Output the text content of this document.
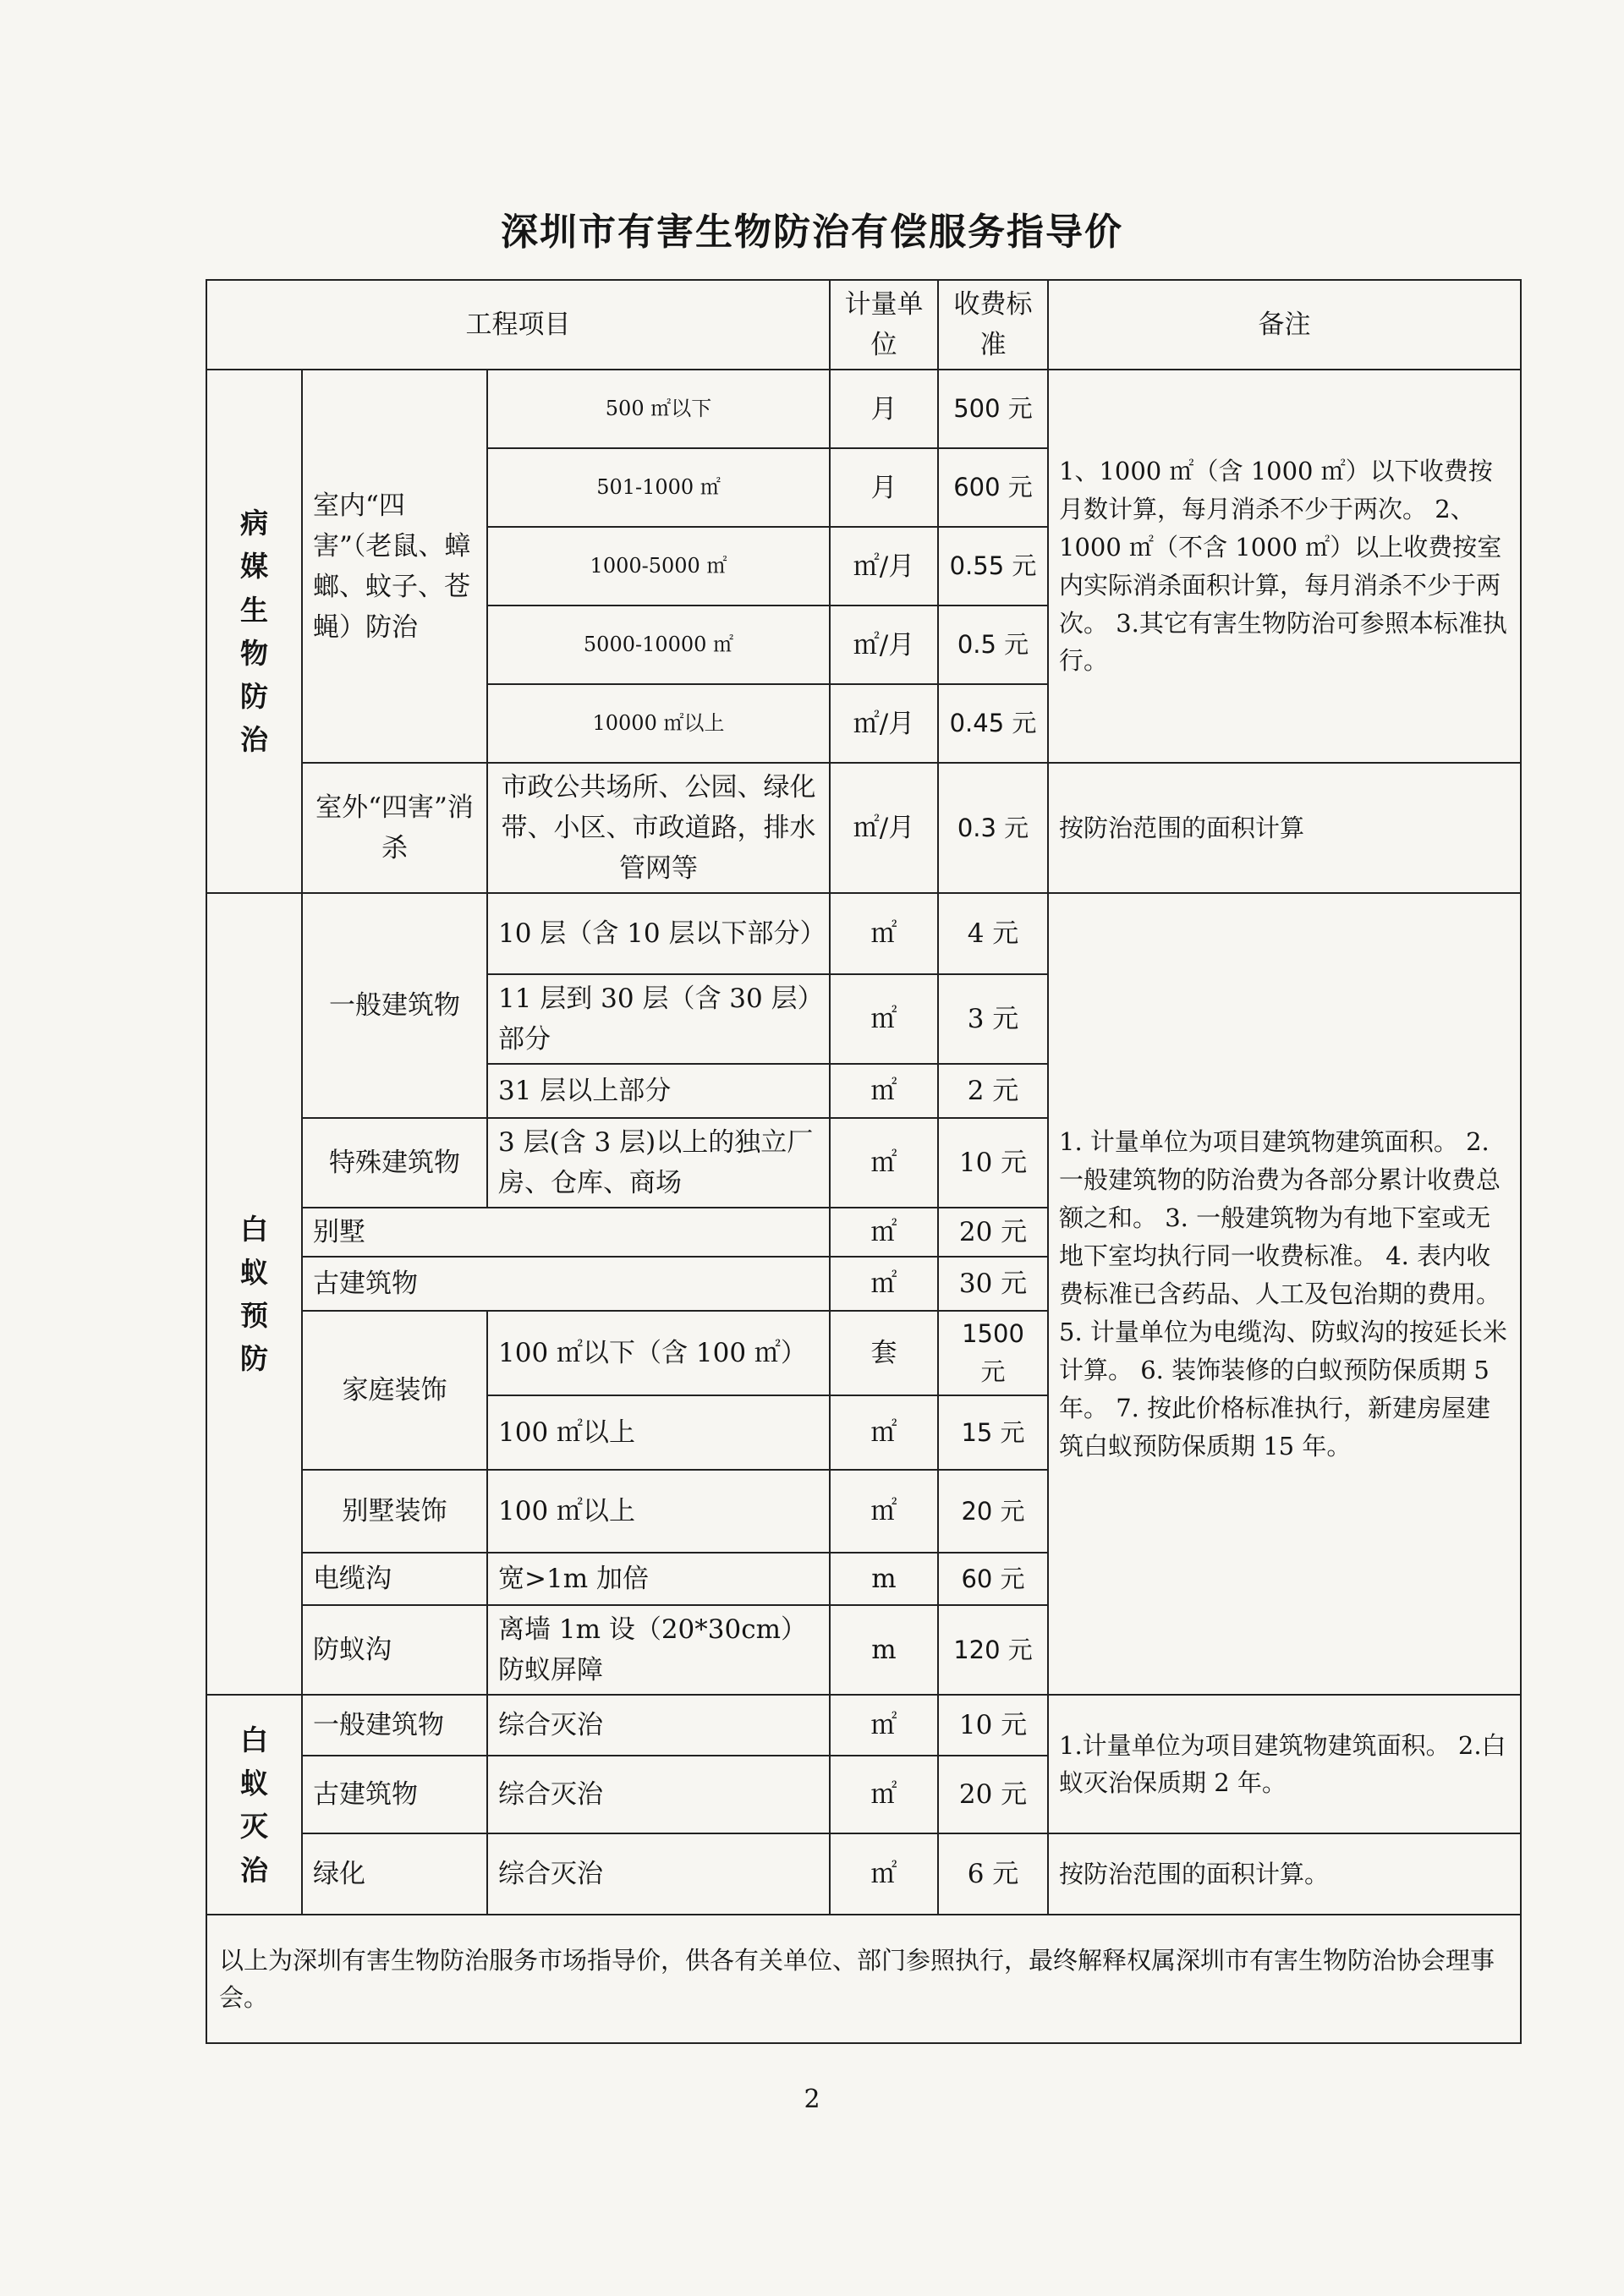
深圳市有害生物防治有偿服务指导价
工程项目			计量单位	收费标准	备注
病媒生物防治	室内“四害”（老鼠、蟑螂、蚊子、苍蝇）防治	500 ㎡以下	月	500 元	1、1000 ㎡（含 1000 ㎡）以下收费按月数计算，每月消杀不少于两次。 2、1000 ㎡（不含 1000 ㎡）以上收费按室内实际消杀面积计算，每月消杀不少于两次。 3.其它有害生物防治可参照本标准执行。
		501-1000 ㎡	月	600 元	
		1000-5000 ㎡	㎡/月	0.55 元	
		5000-10000 ㎡	㎡/月	0.5 元	
		10000 ㎡以上	㎡/月	0.45 元	
	室外“四害”消杀	市政公共场所、公园、绿化带、小区、市政道路，排水管网等	㎡/月	0.3 元	按防治范围的面积计算
白蚁预防	一般建筑物	10 层（含 10 层以下部分）	㎡	4 元	1. 计量单位为项目建筑物建筑面积。 2. 一般建筑物的防治费为各部分累计收费总额之和。 3. 一般建筑物为有地下室或无地下室均执行同一收费标准。 4. 表内收费标准已含药品、人工及包治期的费用。 5. 计量单位为电缆沟、防蚁沟的按延长米计算。 6. 装饰装修的白蚁预防保质期 5 年。 7. 按此价格标准执行，新建房屋建筑白蚁预防保质期 15 年。
		11 层到 30 层（含 30 层）部分	㎡	3 元	
		31 层以上部分	㎡	2 元	
	特殊建筑物	3 层(含 3 层)以上的独立厂房、仓库、商场	㎡	10 元	
	别墅		㎡	20 元	
	古建筑物		㎡	30 元	
	家庭装饰	100 ㎡以下（含 100 ㎡）	套	1500 元	
		100 ㎡以上	㎡	15 元	
	别墅装饰	100 ㎡以上	㎡	20 元	
	电缆沟	宽>1m 加倍	m	60 元	
	防蚁沟	离墙 1m 设（20*30cm）防蚁屏障	m	120 元	
白蚁灭治	一般建筑物	综合灭治	㎡	10 元	1.计量单位为项目建筑物建筑面积。 2.白蚁灭治保质期 2 年。
	古建筑物	综合灭治	㎡	20 元	
	绿化	综合灭治	㎡	6 元	按防治范围的面积计算。
以上为深圳有害生物防治服务市场指导价，供各有关单位、部门参照执行，最终解释权属深圳市有害生物防治协会理事会。					
2
